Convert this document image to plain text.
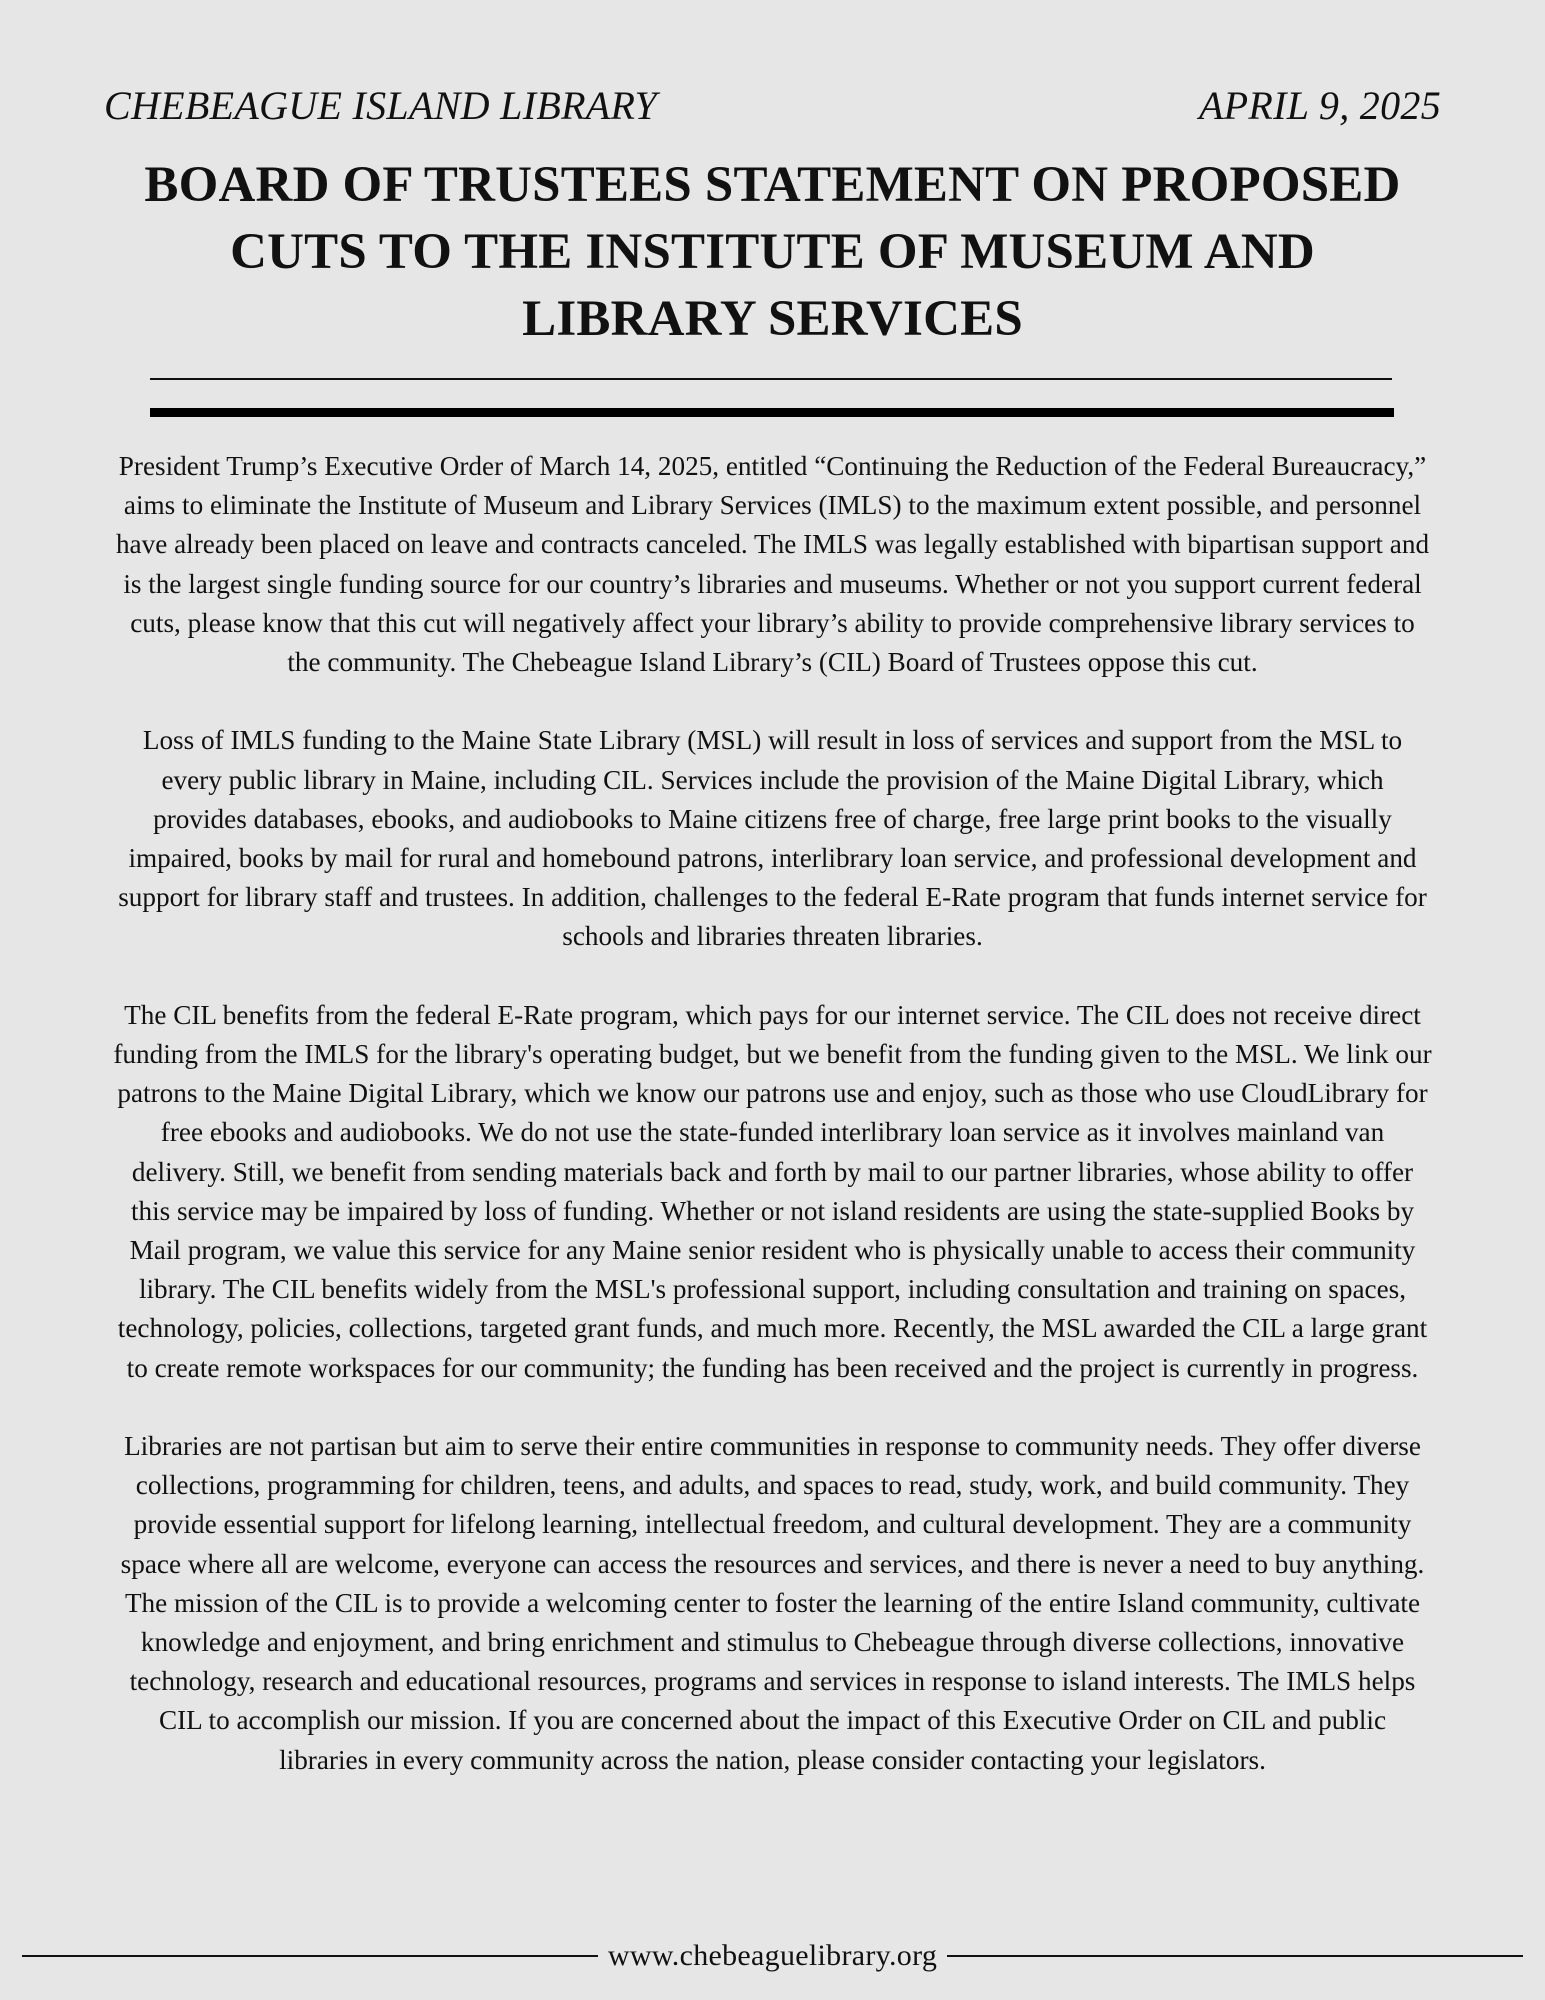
CHEBEAGUE ISLAND LIBRARY	APRIL 9, 2025
BOARD OF TRUSTEES STATEMENT ON PROPOSED CUTS TO THE INSTITUTE OF MUSEUM AND LIBRARY SERVICES

President Trump’s Executive Order of March 14, 2025, entitled “Continuing the Reduction of the Federal Bureaucracy,” aims to eliminate the Institute of Museum and Library Services (IMLS) to the maximum extent possible, and personnel have already been placed on leave and contracts canceled. The IMLS was legally established with bipartisan support and is the largest single funding source for our country’s libraries and museums. Whether or not you support current federal cuts, please know that this cut will negatively affect your library’s ability to provide comprehensive library services to the community. The Chebeague Island Library’s (CIL) Board of Trustees oppose this cut.

Loss of IMLS funding to the Maine State Library (MSL) will result in loss of services and support from the MSL to every public library in Maine, including CIL. Services include the provision of the Maine Digital Library, which provides databases, ebooks, and audiobooks to Maine citizens free of charge, free large print books to the visually impaired, books by mail for rural and homebound patrons, interlibrary loan service, and professional development and support for library staff and trustees. In addition, challenges to the federal E-Rate program that funds internet service for schools and libraries threaten libraries.

The CIL benefits from the federal E-Rate program, which pays for our internet service. The CIL does not receive direct funding from the IMLS for the library's operating budget, but we benefit from the funding given to the MSL. We link our patrons to the Maine Digital Library, which we know our patrons use and enjoy, such as those who use CloudLibrary for free ebooks and audiobooks. We do not use the state-funded interlibrary loan service as it involves mainland van delivery. Still, we benefit from sending materials back and forth by mail to our partner libraries, whose ability to offer this service may be impaired by loss of funding. Whether or not island residents are using the state-supplied Books by Mail program, we value this service for any Maine senior resident who is physically unable to access their community library. The CIL benefits widely from the MSL's professional support, including consultation and training on spaces, technology, policies, collections, targeted grant funds, and much more. Recently, the MSL awarded the CIL a large grant to create remote workspaces for our community; the funding has been received and the project is currently in progress.

Libraries are not partisan but aim to serve their entire communities in response to community needs. They offer diverse collections, programming for children, teens, and adults, and spaces to read, study, work, and build community. They provide essential support for lifelong learning, intellectual freedom, and cultural development. They are a community space where all are welcome, everyone can access the resources and services, and there is never a need to buy anything. The mission of the CIL is to provide a welcoming center to foster the learning of the entire Island community, cultivate knowledge and enjoyment, and bring enrichment and stimulus to Chebeague through diverse collections, innovative technology, research and educational resources, programs and services in response to island interests. The IMLS helps CIL to accomplish our mission. If you are concerned about the impact of this Executive Order on CIL and public libraries in every community across the nation, please consider contacting your legislators.

www.chebeaguelibrary.org
